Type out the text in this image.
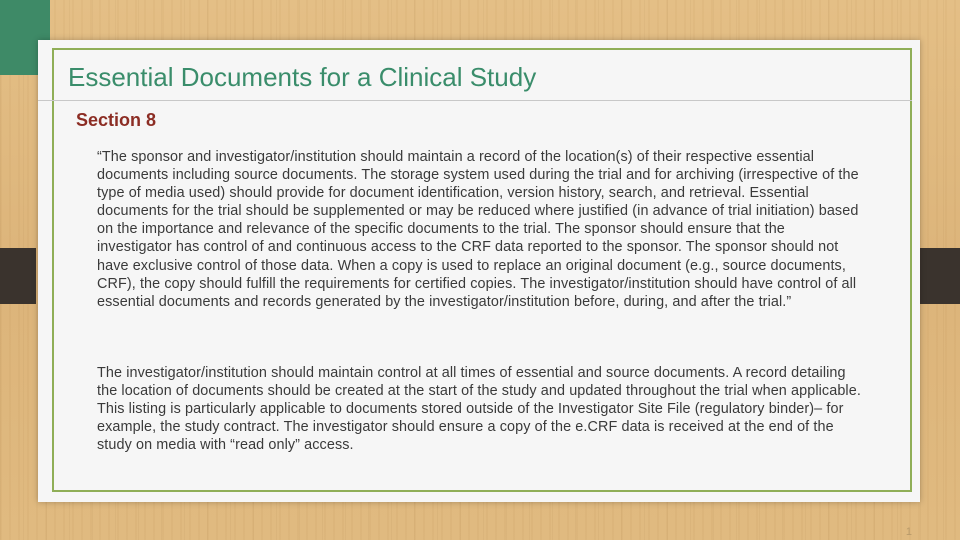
Essential Documents for a Clinical Study
Section 8

“The sponsor and investigator/institution should maintain a record of the location(s) of their respective essential documents including source documents. The storage system used during the trial and for archiving (irrespective of the type of media used) should provide for document identification, version history, search, and retrieval. Essential documents for the trial should be supplemented or may be reduced where justified (in advance of trial initiation) based on the importance and relevance of the specific documents to the trial. The sponsor should ensure that the investigator has control of and continuous access to the CRF data reported to the sponsor. The sponsor should not have exclusive control of those data. When a copy is used to replace an original document (e.g., source documents, CRF), the copy should fulfill the requirements for certified copies. The investigator/institution should have control of all essential documents and records generated by the investigator/institution before, during, and after the trial.”

The investigator/institution should maintain control at all times of essential and source documents. A record detailing the location of documents should be created at the start of the study and updated throughout the trial when applicable. This listing is particularly applicable to documents stored outside of the Investigator Site File (regulatory binder)– for example, the study contract. The investigator should ensure a copy of the e.CRF data is received at the end of the study on media with “read only” access.

1
